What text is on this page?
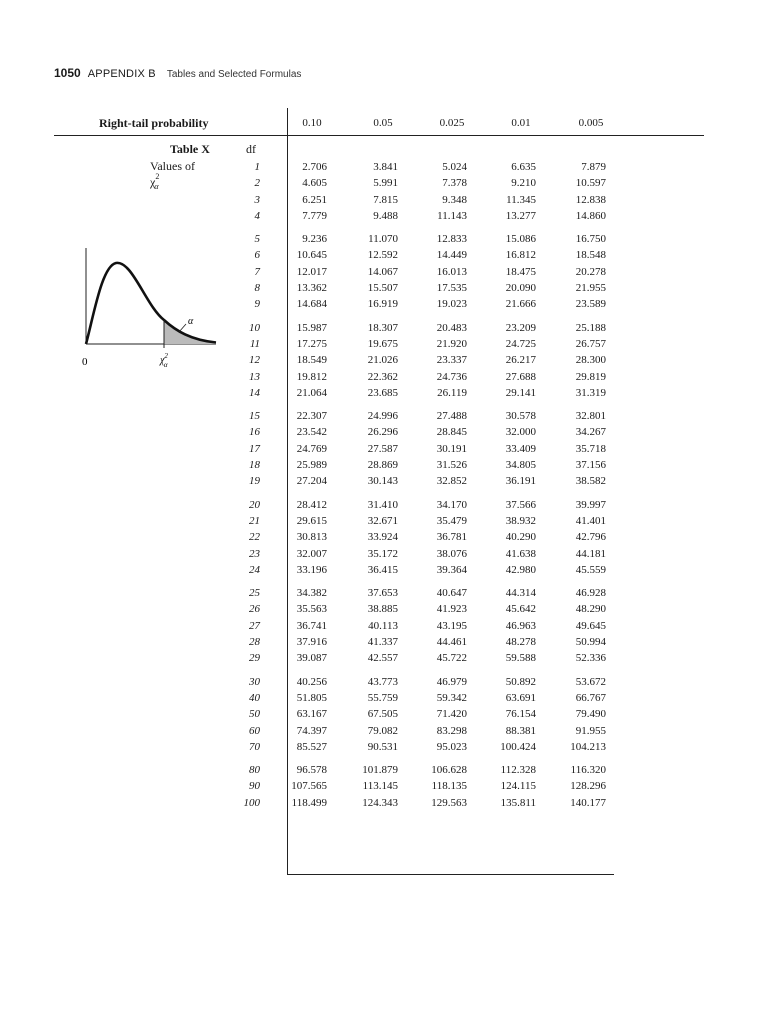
1050 APPENDIX B Tables and Selected Formulas
Right-tail probability	0.10	0.05	0.025	0.01	0.005
Table X
Values of $\chi^2_\alpha$
df
1	2.706	3.841	5.024	6.635	7.879
2	4.605	5.991	7.378	9.210	10.597
3	6.251	7.815	9.348	11.345	12.838
4	7.779	9.488	11.143	13.277	14.860
5	9.236	11.070	12.833	15.086	16.750
6	10.645	12.592	14.449	16.812	18.548
7	12.017	14.067	16.013	18.475	20.278
8	13.362	15.507	17.535	20.090	21.955
9	14.684	16.919	19.023	21.666	23.589
10	15.987	18.307	20.483	23.209	25.188
11	17.275	19.675	21.920	24.725	26.757
12	18.549	21.026	23.337	26.217	28.300
13	19.812	22.362	24.736	27.688	29.819
14	21.064	23.685	26.119	29.141	31.319
15	22.307	24.996	27.488	30.578	32.801
16	23.542	26.296	28.845	32.000	34.267
17	24.769	27.587	30.191	33.409	35.718
18	25.989	28.869	31.526	34.805	37.156
19	27.204	30.143	32.852	36.191	38.582
20	28.412	31.410	34.170	37.566	39.997
21	29.615	32.671	35.479	38.932	41.401
22	30.813	33.924	36.781	40.290	42.796
23	32.007	35.172	38.076	41.638	44.181
24	33.196	36.415	39.364	42.980	45.559
25	34.382	37.653	40.647	44.314	46.928
26	35.563	38.885	41.923	45.642	48.290
27	36.741	40.113	43.195	46.963	49.645
28	37.916	41.337	44.461	48.278	50.994
29	39.087	42.557	45.722	59.588	52.336
30	40.256	43.773	46.979	50.892	53.672
40	51.805	55.759	59.342	63.691	66.767
50	63.167	67.505	71.420	76.154	79.490
60	74.397	79.082	83.298	88.381	91.955
70	85.527	90.531	95.023	100.424	104.213
80	96.578	101.879	106.628	112.328	116.320
90	107.565	113.145	118.135	124.115	128.296
100	118.499	124.343	129.563	135.811	140.177
α
0	$\chi^2$ α
